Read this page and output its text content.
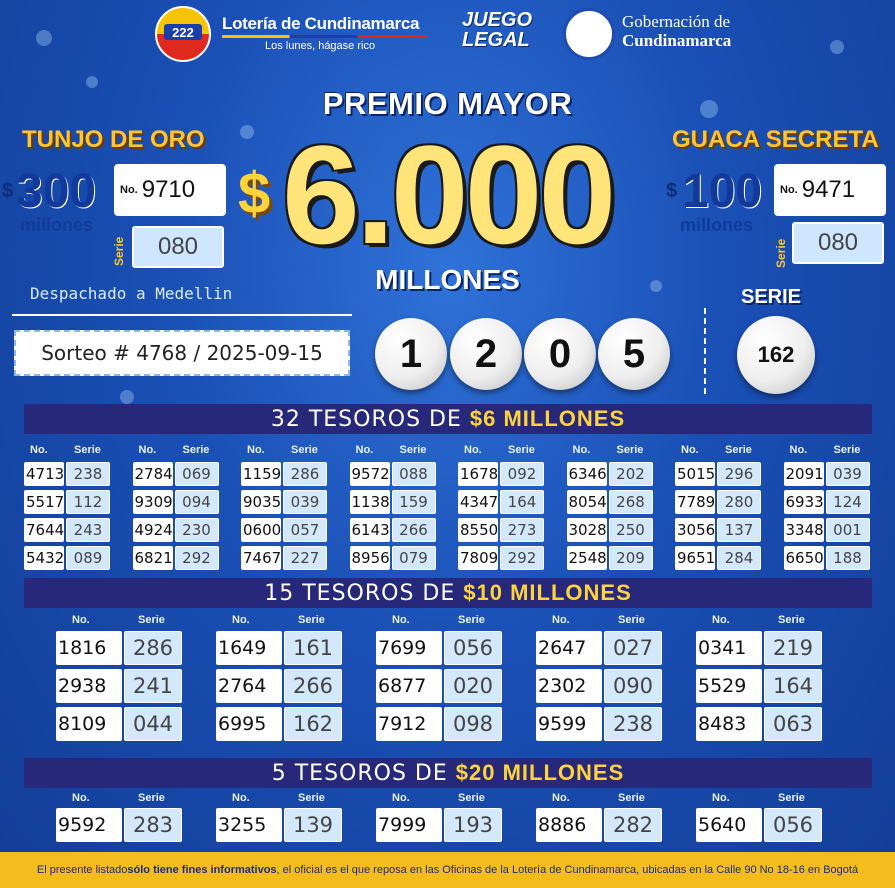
222 Lotería de Cundinamarca
Los lunes, hágase rico
JUEGO LEGAL
Gobernación de
Cundinamarca
PREMIO MAYOR
$ 6.000
MILLONES
TUNJO DE ORO
$ 300
millones
No. 9710
Serie	080
GUACA SECRETA
$ 100
millones
No. 9471
Serie	080
Despachado a Medellin
Sorteo # 4768 / 2025-09-15	1	2	0	5
SERIE
162
32 TESOROS DE $6 MILLONES
15 TESOROS DE $10 MILLONES
5 TESOROS DE $20 MILLONES
No. Serie
4713 238
5517 112
7644 243
5432 089
No. Serie
2784 069
9309 094
4924 230
6821 292
No. Serie
1159 286
9035 039
0600 057
7467 227
No. Serie
9572 088
1138 159
6143 266
8956 079
No. Serie
1678 092
4347 164
8550 273
7809 292
No. Serie
6346 202
8054 268
3028 250
2548 209
No. Serie
5015 296
7789 280
3056 137
9651 284
No. Serie
2091 039
6933 124
3348 001
6650 188
No.	Serie
1816	286
2938	241
8109	044
No.	Serie
1649	161
2764	266
6995	162
No.	Serie
7699	056
6877	020
7912	098
No.	Serie
2647	027
2302	090
9599	238
No.	Serie
0341	219
5529	164
8483	063
No.	Serie
9592	283
No.	Serie
3255	139
No.	Serie
7999	193
No.	Serie
8886	282
No.	Serie
5640	056
El presente listado sólo tiene fines informativos , el oficial es el que reposa en las Oficinas de la Lotería de Cundinamarca, ubicadas en la Calle 90 No 18-16 en Bogotá
